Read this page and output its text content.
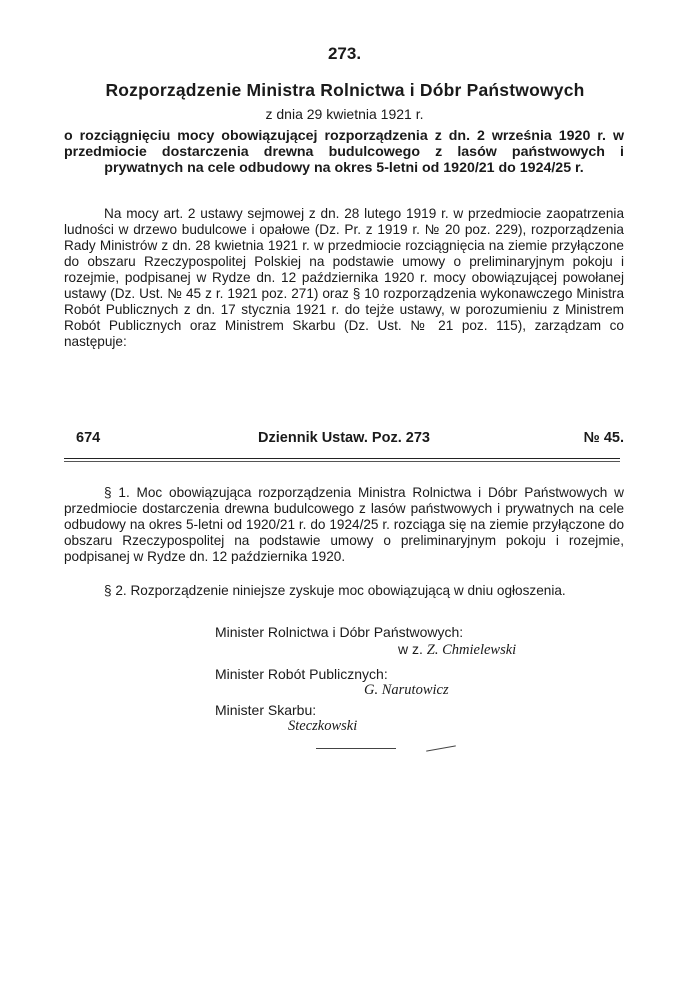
273.
Rozporządzenie Ministra Rolnictwa i Dóbr Państwowych
z dnia 29 kwietnia 1921 r.
o rozciągnięciu mocy obowiązującej rozporządzenia z dn. 2 września 1920 r. w przedmiocie dostarczenia drewna budulcowego z lasów państwowych i prywatnych na cele odbudowy na okres 5-letni od 1920/21 do 1924/25 r.
Na mocy art. 2 ustawy sejmowej z dn. 28 lutego 1919 r. w przedmiocie zaopatrzenia ludności w drzewo budulcowe i opałowe (Dz. Pr. z 1919 r. № 20 poz. 229), rozporządzenia Rady Ministrów z dn. 28 kwietnia 1921 r. w przedmiocie rozciągnięcia na ziemie przyłączone do obszaru Rzeczypospolitej Polskiej na podstawie umowy o preliminaryjnym pokoju i rozejmie, podpisanej w Rydze dn. 12 października 1920 r. mocy obowiązującej powołanej ustawy (Dz. Ust. № 45 z r. 1921 poz. 271) oraz § 10 rozporządzenia wykonawczego Ministra Robót Publicznych z dn. 17 stycznia 1921 r. do tejże ustawy, w porozumieniu z Ministrem Robót Publicznych oraz Ministrem Skarbu (Dz. Ust. № 21 poz. 115), zarządzam co następuje:
674	Dziennik Ustaw. Poz. 273	№ 45.
§ 1. Moc obowiązująca rozporządzenia Ministra Rolnictwa i Dóbr Państwowych w przedmiocie dostarczenia drewna budulcowego z lasów państwowych i prywatnych na cele odbudowy na okres 5-letni od 1920/21 r. do 1924/25 r. rozciąga się na ziemie przyłączone do obszaru Rzeczypospolitej na podstawie umowy o preliminaryjnym pokoju i rozejmie, podpisanej w Rydze dn. 12 października 1920.
§ 2. Rozporządzenie niniejsze zyskuje moc obowiązującą w dniu ogłoszenia.
Minister Rolnictwa i Dóbr Państwowych:
w z. Z. Chmielewski
Minister Robót Publicznych:
G. Narutowicz
Minister Skarbu:
Steczkowski
